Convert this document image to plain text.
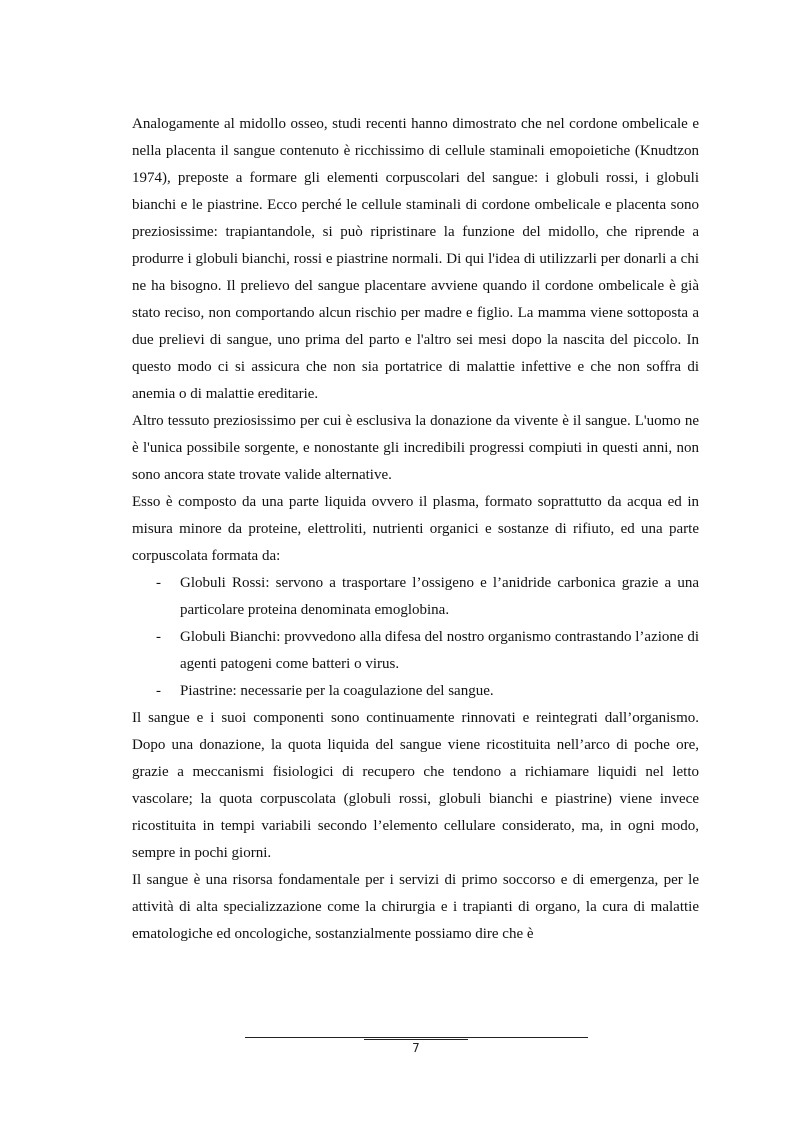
Analogamente al midollo osseo, studi recenti hanno dimostrato che nel cordone ombelicale e nella placenta il sangue contenuto è ricchissimo di cellule staminali emopoietiche (Knudtzon 1974), preposte a formare gli elementi corpuscolari del sangue: i globuli rossi, i globuli bianchi e le piastrine. Ecco perché le cellule staminali di cordone ombelicale e placenta sono preziosissime: trapiantandole, si può ripristinare la funzione del midollo, che riprende a produrre i globuli bianchi, rossi e piastrine normali. Di qui l'idea di utilizzarli per donarli a chi ne ha bisogno. Il prelievo del sangue placentare avviene quando il cordone ombelicale è già stato reciso, non comportando alcun rischio per madre e figlio. La mamma viene sottoposta a due prelievi di sangue, uno prima del parto e l'altro sei mesi dopo la nascita del piccolo. In questo modo ci si assicura che non sia portatrice di malattie infettive e che non soffra di anemia o di malattie ereditarie.

Altro tessuto preziosissimo per cui è esclusiva la donazione da vivente è il sangue. L'uomo ne è l'unica possibile sorgente, e nonostante gli incredibili progressi compiuti in questi anni, non sono ancora state trovate valide alternative.

Esso è composto da una parte liquida ovvero il plasma, formato soprattutto da acqua ed in misura minore da proteine, elettroliti, nutrienti organici e sostanze di rifiuto, ed una parte corpuscolata formata da:

- Globuli Rossi: servono a trasportare l’ossigeno e l’anidride carbonica grazie a una particolare proteina denominata emoglobina.
- Globuli Bianchi: provvedono alla difesa del nostro organismo contrastando l’azione di agenti patogeni come batteri o virus.
- Piastrine: necessarie per la coagulazione del sangue.

Il sangue e i suoi componenti sono continuamente rinnovati e reintegrati dall’organismo. Dopo una donazione, la quota liquida del sangue viene ricostituita nell’arco di poche ore, grazie a meccanismi fisiologici di recupero che tendono a richiamare liquidi nel letto vascolare; la quota corpuscolata (globuli rossi, globuli bianchi e piastrine) viene invece ricostituita in tempi variabili secondo l’elemento cellulare considerato, ma, in ogni modo, sempre in pochi giorni.

Il sangue è una risorsa fondamentale per i servizi di primo soccorso e di emergenza, per le attività di alta specializzazione come la chirurgia e i trapianti di organo, la cura di malattie ematologiche ed oncologiche, sostanzialmente possiamo dire che è

7
